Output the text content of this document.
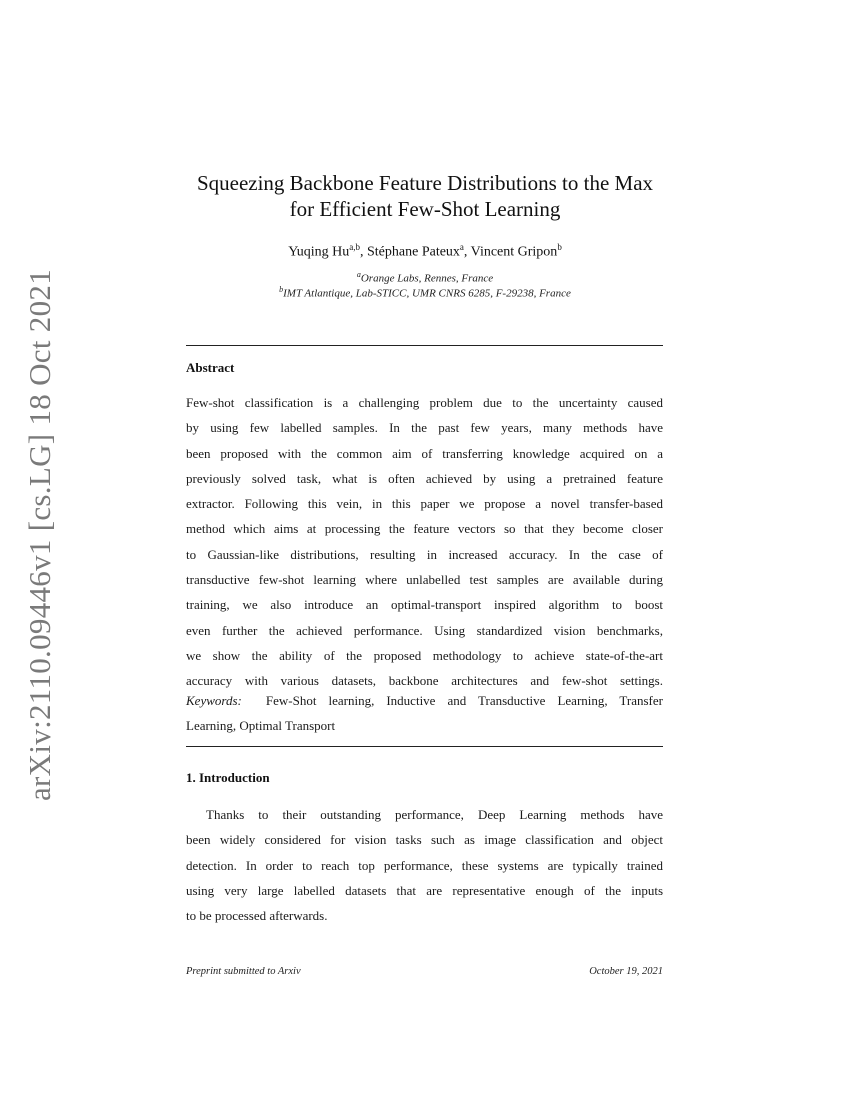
arXiv:2110.09446v1 [cs.LG] 18 Oct 2021
Squeezing Backbone Feature Distributions to the Max
for Efficient Few-Shot Learning
Yuqing Hu$^{a,b}$, Stéphane Pateux$^a$, Vincent Gripon$^b$
$^a$Orange Labs, Rennes, France
$^b$IMT Atlantique, Lab-STICC, UMR CNRS 6285, F-29238, France
Abstract
Few-shot classification is a challenging problem due to the uncertainty caused
by using few labelled samples. In the past few years, many methods have
been proposed with the common aim of transferring knowledge acquired on a
previously solved task, what is often achieved by using a pretrained feature
extractor. Following this vein, in this paper we propose a novel transfer-based
method which aims at processing the feature vectors so that they become closer
to Gaussian-like distributions, resulting in increased accuracy. In the case of
transductive few-shot learning where unlabelled test samples are available during
training, we also introduce an optimal-transport inspired algorithm to boost
even further the achieved performance. Using standardized vision benchmarks,
we show the ability of the proposed methodology to achieve state-of-the-art
accuracy with various datasets, backbone architectures and few-shot settings.
Keywords: Few-Shot learning, Inductive and Transductive Learning, Transfer
Learning, Optimal Transport
1. Introduction
Thanks to their outstanding performance, Deep Learning methods have
been widely considered for vision tasks such as image classification and object
detection. In order to reach top performance, these systems are typically trained
using very large labelled datasets that are representative enough of the inputs
to be processed afterwards.
Preprint submitted to Arxiv	October 19, 2021
